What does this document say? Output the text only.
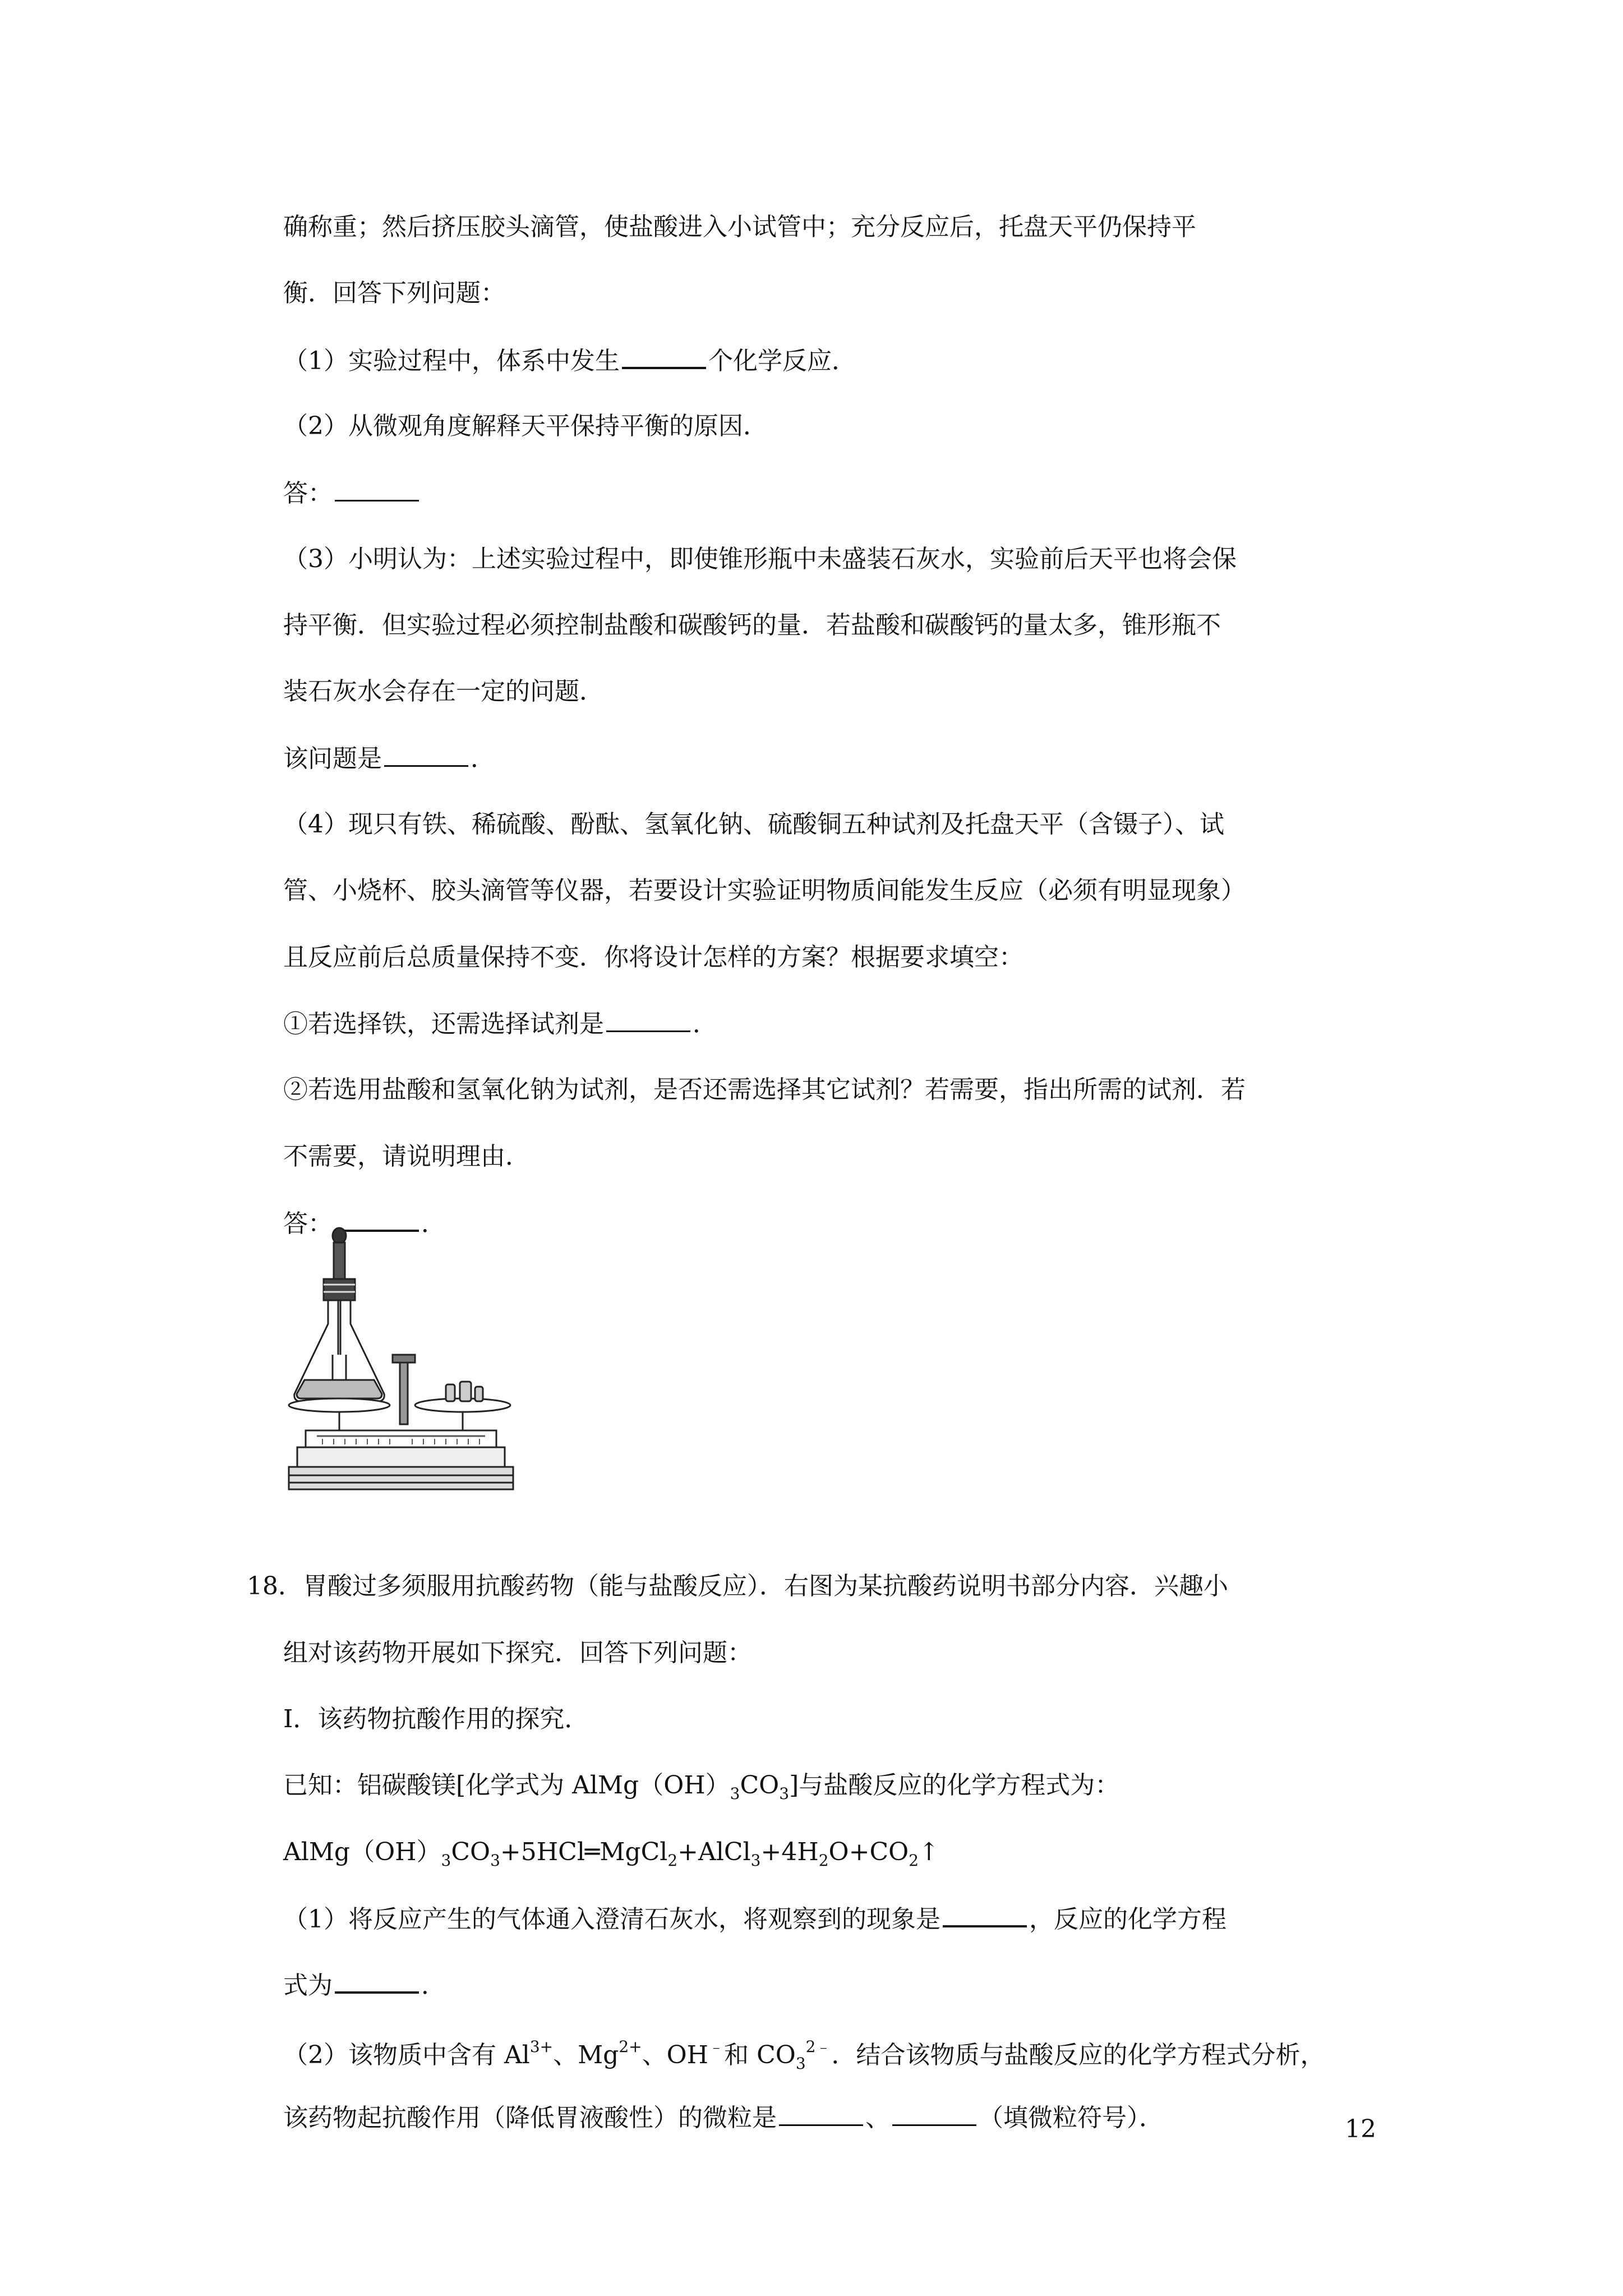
确称重；然后挤压胶头滴管，使盐酸进入小试管中；充分反应后，托盘天平仍保持平
衡．回答下列问题：
（1）实验过程中，体系中发生	个化学反应．
（2）从微观角度解释天平保持平衡的原因．
答：
（3）小明认为：上述实验过程中，即使锥形瓶中未盛装石灰水，实验前后天平也将会保
持平衡．但实验过程必须控制盐酸和碳酸钙的量．若盐酸和碳酸钙的量太多，锥形瓶不
装石灰水会存在一定的问题．
该问题是	．
（4）现只有铁、稀硫酸、酚酞、氢氧化钠、硫酸铜五种试剂及托盘天平（含镊子）、试
管、小烧杯、胶头滴管等仪器，若要设计实验证明物质间能发生反应（必须有明显现象）
且反应前后总质量保持不变．你将设计怎样的方案？根据要求填空：
①若选择铁，还需选择试剂是	．
②若选用盐酸和氢氧化钠为试剂，是否还需选择其它试剂？若需要，指出所需的试剂．若
不需要，请说明理由．
答：	．
18．胃酸过多须服用抗酸药物（能与盐酸反应）．右图为某抗酸药说明书部分内容．兴趣小
组对该药物开展如下探究．回答下列问题：
Ⅰ．该药物抗酸作用的探究．
已知：铝碳酸镁[化学式为 $AlMg(OH)_3CO_3$]与盐酸反应的化学方程式为：
$AlMg(OH)_3CO_3+5HCl═MgCl_2+AlCl_3+4H_2O+CO_2↑$
（1）将反应产生的气体通入澄清石灰水，将观察到的现象是	，反应的化学方程
式为	．
（2）该物质中含有 $Al^{3+}$、$Mg^{2+}$、OH﹣和 $CO_3^{2﹣}$．结合该物质与盐酸反应的化学方程式分析，
该药物起抗酸作用（降低胃液酸性）的微粒是	、	（填微粒符号）．	12
